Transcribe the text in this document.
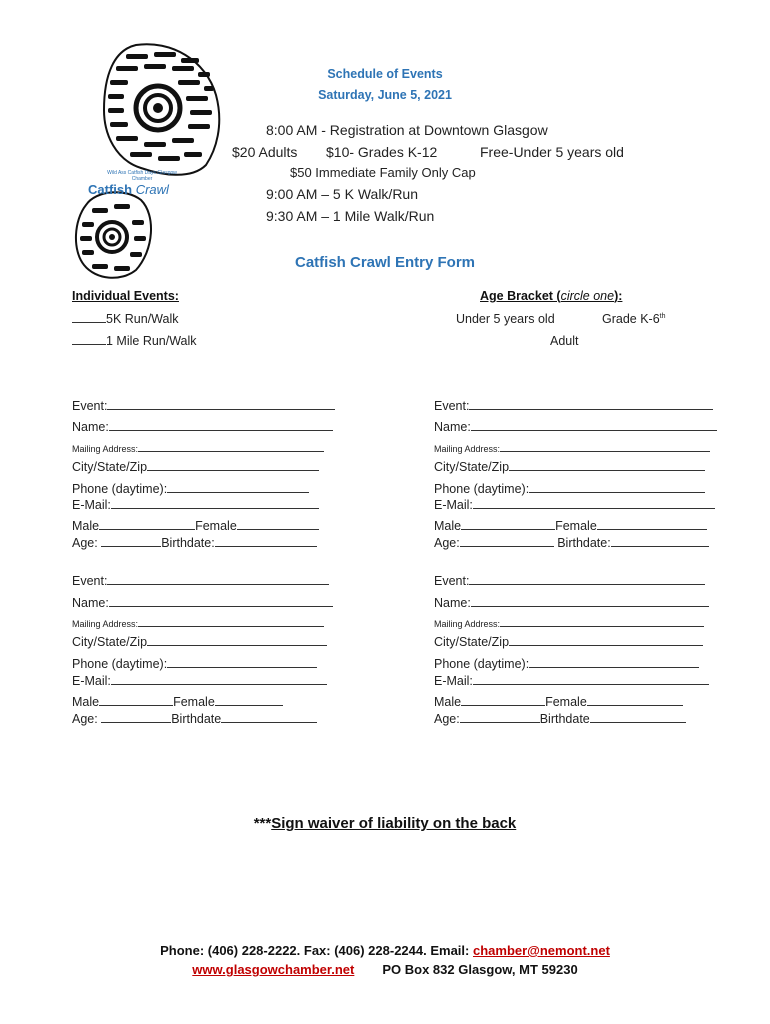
Wild Ass Catfish Days Glasgow Chamber
Catfish Crawl
Schedule of Events
Saturday, June 5, 2021
8:00 AM - Registration at Downtown Glasgow
$20 Adults $10- Grades K-12	Free-Under 5 years old
$50 Immediate Family Only Cap
9:00 AM – 5 K Walk/Run
9:30 AM – 1 Mile Walk/Run
Catfish Crawl Entry Form
Individual Events:	Age Bracket (circle one):
5K Run/Walk
1 Mile Run/Walk
Under 5 years old	Grade K-6th
Adult
Event:
Name:
Mailing Address:
City/State/Zip
Phone (daytime):
E-Mail:
Male	Female
Age:	Birthdate:
Event:
Name:
Mailing Address:
City/State/Zip
Phone (daytime):
E-Mail:
Male	Female
Age:	Birthdate:
Event:
Name:
Mailing Address:
City/State/Zip
Phone (daytime):
E-Mail:
Male	Female
Age:	Birthdate
Event:
Name:
Mailing Address:
City/State/Zip
Phone (daytime):
E-Mail:
Male	Female
Age:	Birthdate
***Sign waiver of liability on the back
Phone: (406) 228-2222. Fax: (406) 228-2244. Email: chamber@nemont.net
www.glasgowchamber.net PO Box 832 Glasgow, MT 59230
